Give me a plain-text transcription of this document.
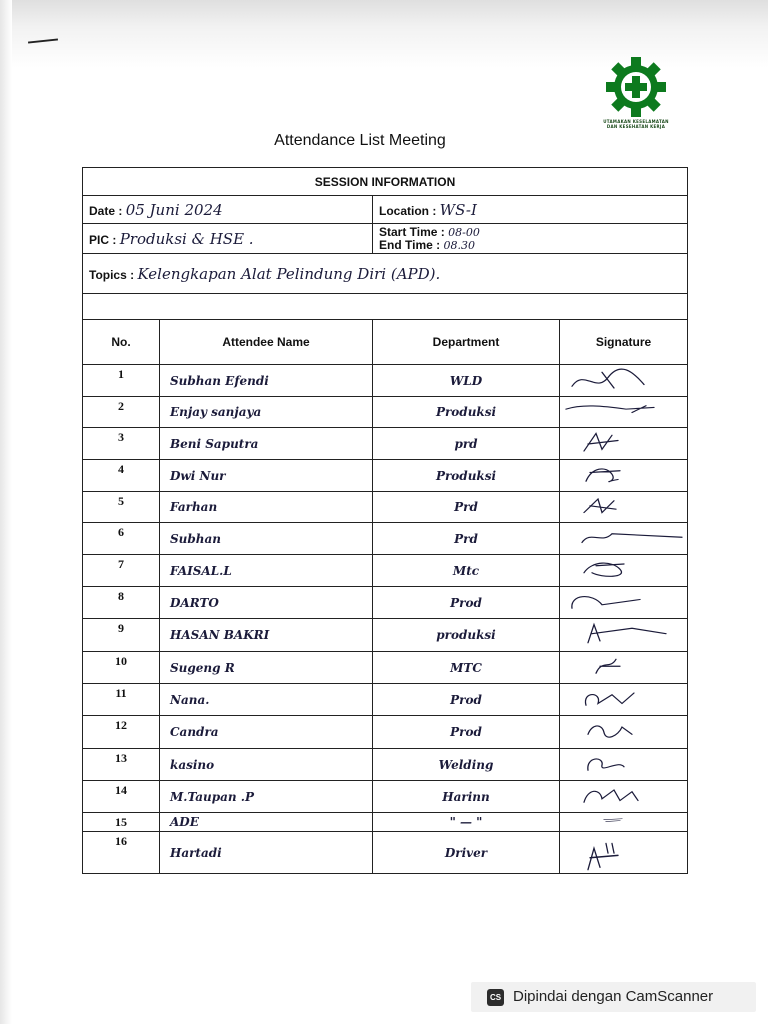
UTAMAKAN KESELAMATAN
DAN KESEHATAN KERJA
Attendance List Meeting
SESSION INFORMATION			
Date : 05 Juni 2024		Location : WS-I	
PIC : Produksi & HSE .		Start Time : 08-00
End Time : 08.30	

Topics : Kelengkapan Alat Pelindung Diri (APD).			

No.	Attendee Name	Department	Signature
1	Subhan Efendi	WLD	

2	Enjay sanjaya	Produksi	

3	Beni Saputra	prd	

4	Dwi Nur	Produksi	

5	Farhan	Prd	

6	Subhan	Prd	

7	FAISAL.L	Mtc	

8	DARTO	Prod	

9	HASAN BAKRI	produksi	

10	Sugeng R	MTC	

11	Nana.	Prod	

12	Candra	Prod	

13	kasino	Welding	

14	M.Taupan .P	Harinn	

15	ADE	" — "	

16	Hartadi	Driver	
CS Dipindai dengan CamScanner
